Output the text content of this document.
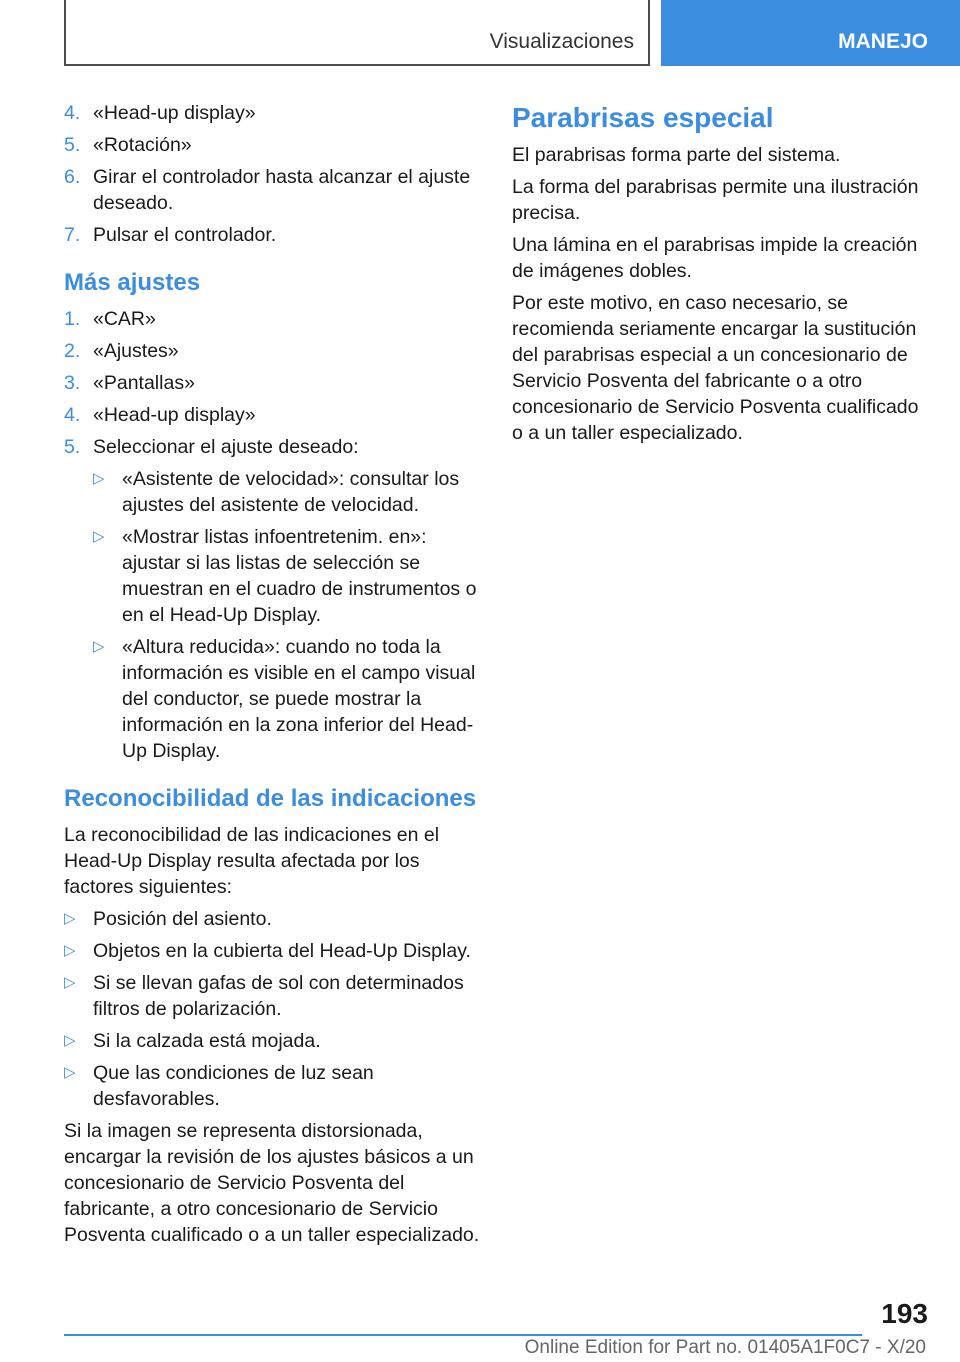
Visualizaciones	MANEJO
4. «Head-up display»
5. «Rotación»
6. Girar el controlador hasta alcanzar el ajuste deseado.
7. Pulsar el controlador.
Más ajustes
1. «CAR»
2. «Ajustes»
3. «Pantallas»
4. «Head-up display»
5. Seleccionar el ajuste deseado:
▷ «Asistente de velocidad»: consultar los ajustes del asistente de velocidad.
▷ «Mostrar listas infoentretenim. en»: ajustar si las listas de selección se muestran en el cuadro de instrumentos o en el Head-Up Display.
▷ «Altura reducida»: cuando no toda la información es visible en el campo visual del conductor, se puede mostrar la información en la zona inferior del Head-Up Display.
Reconocibilidad de las indicaciones

La reconocibilidad de las indicaciones en el Head-Up Display resulta afectada por los factores siguientes:

▷ Posición del asiento.
▷ Objetos en la cubierta del Head-Up Display.
▷ Si se llevan gafas de sol con determinados filtros de polarización.
▷ Si la calzada está mojada.
▷ Que las condiciones de luz sean desfavorables.

Si la imagen se representa distorsionada, encargar la revisión de los ajustes básicos a un concesionario de Servicio Posventa del fabricante, a otro concesionario de Servicio Posventa cualificado o a un taller especializado.

Parabrisas especial

El parabrisas forma parte del sistema.

La forma del parabrisas permite una ilustración precisa.

Una lámina en el parabrisas impide la creación de imágenes dobles.

Por este motivo, en caso necesario, se recomienda seriamente encargar la sustitución del parabrisas especial a un concesionario de Servicio Posventa del fabricante o a otro concesionario de Servicio Posventa cualificado o a un taller especializado.

193
Online Edition for Part no. 01405A1F0C7 - X/20
